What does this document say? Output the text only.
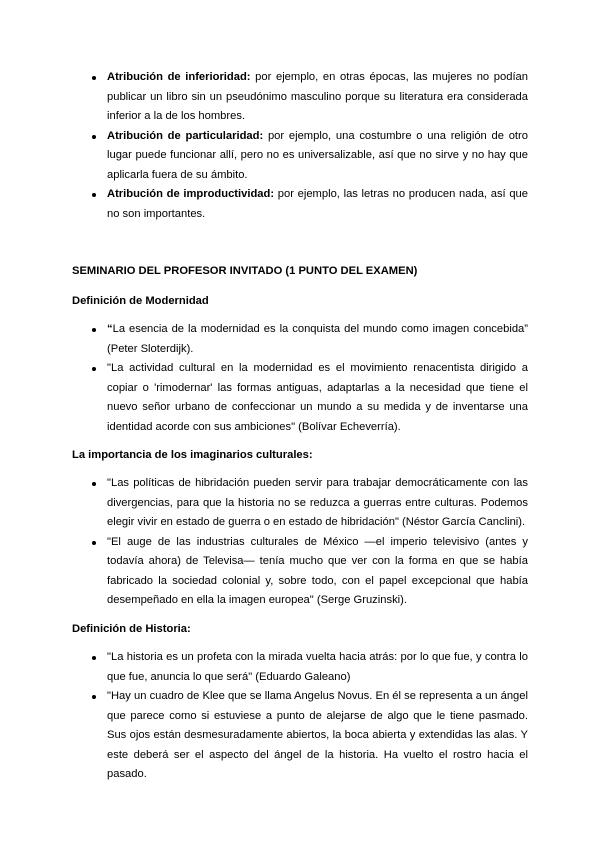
Atribución de inferioridad: por ejemplo, en otras épocas, las mujeres no podían publicar un libro sin un pseudónimo masculino porque su literatura era considerada inferior a la de los hombres.
Atribución de particularidad: por ejemplo, una costumbre o una religión de otro lugar puede funcionar allí, pero no es universalizable, así que no sirve y no hay que aplicarla fuera de su ámbito.
Atribución de improductividad: por ejemplo, las letras no producen nada, así que no son importantes.
SEMINARIO DEL PROFESOR INVITADO (1 PUNTO DEL EXAMEN)
Definición de Modernidad
“La esencia de la modernidad es la conquista del mundo como imagen concebida” (Peter Sloterdijk).
"La actividad cultural en la modernidad es el movimiento renacentista dirigido a copiar o 'rimodernar' las formas antiguas, adaptarlas a la necesidad que tiene el nuevo señor urbano de confeccionar un mundo a su medida y de inventarse una identidad acorde con sus ambiciones" (Bolívar Echeverría).
La importancia de los imaginarios culturales:
"Las políticas de hibridación pueden servir para trabajar democráticamente con las divergencias, para que la historia no se reduzca a guerras entre culturas. Podemos elegir vivir en estado de guerra o en estado de hibridación" (Néstor García Canclini).
"El auge de las industrias culturales de México —el imperio televisivo (antes y todavía ahora) de Televisa— tenía mucho que ver con la forma en que se había fabricado la sociedad colonial y, sobre todo, con el papel excepcional que había desempeñado en ella la imagen europea" (Serge Gruzinski).
Definición de Historia:
"La historia es un profeta con la mirada vuelta hacia atrás: por lo que fue, y contra lo que fue, anuncia lo que será" (Eduardo Galeano)
"Hay un cuadro de Klee que se llama Angelus Novus. En él se representa a un ángel que parece como si estuviese a punto de alejarse de algo que le tiene pasmado. Sus ojos están desmesuradamente abiertos, la boca abierta y extendidas las alas. Y este deberá ser el aspecto del ángel de la historia. Ha vuelto el rostro hacia el pasado.
